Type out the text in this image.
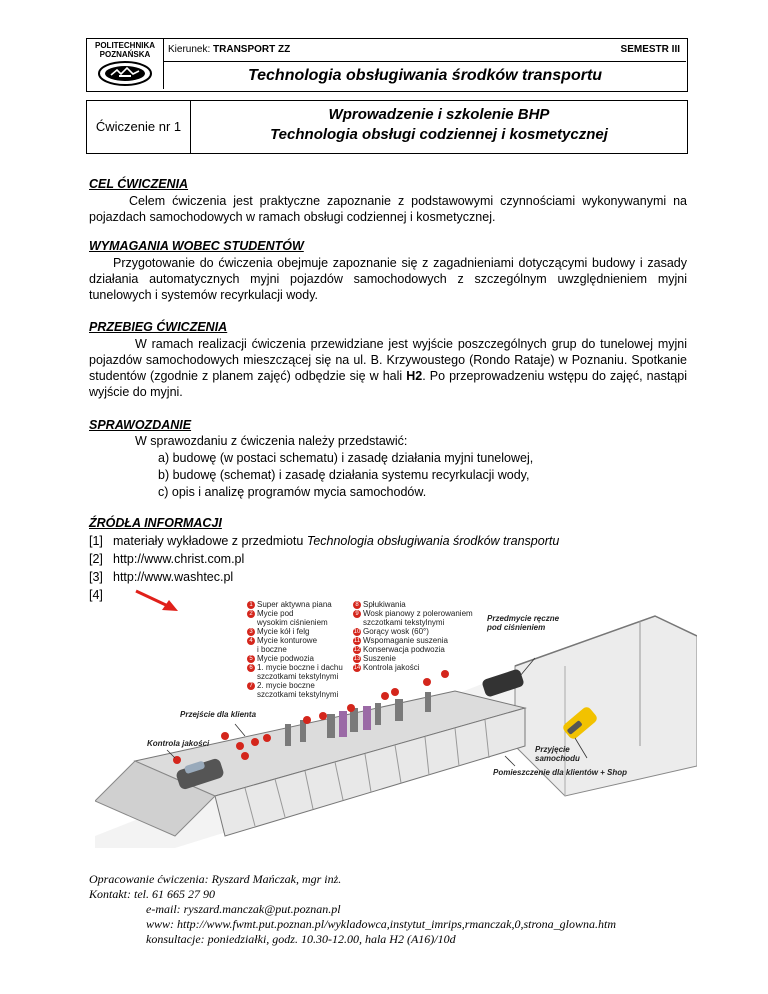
POLITECHNIKA
POZNAŃSKA	Kierunek: TRANSPORT ZZ	SEMESTR III
Technologia obsługiwania środków transportu
Ćwiczenie nr 1
Wprowadzenie i szkolenie BHP
Technologia obsługi codziennej i kosmetycznej
CEL ĆWICZENIA
Celem ćwiczenia jest praktyczne zapoznanie z podstawowymi czynnościami wykonywanymi na pojazdach samochodowych w ramach obsługi codziennej i kosmetycznej.
WYMAGANIA WOBEC STUDENTÓW
Przygotowanie do ćwiczenia obejmuje zapoznanie się z zagadnieniami dotyczącymi budowy i zasady działania automatycznych myjni pojazdów samochodowych z szczególnym uwzględnieniem myjni tunelowych i systemów recyrkulacji wody.
PRZEBIEG ĆWICZENIA
W ramach realizacji ćwiczenia przewidziane jest wyjście poszczególnych grup do tunelowej myjni pojazdów samochodowych mieszczącej się na ul. B. Krzywoustego (Rondo Rataje) w Poznaniu. Spotkanie studentów (zgodnie z planem zajęć) odbędzie się w hali H2. Po przeprowadzeniu wstępu do zajęć, nastąpi wyjście do myjni.
SPRAWOZDANIE
W sprawozdaniu z ćwiczenia należy przedstawić:
a) budowę (w postaci schematu) i zasadę działania myjni tunelowej,
b) budowę (schemat) i zasadę działania systemu recyrkulacji wody,
c) opis i analizę programów mycia samochodów.
ŹRÓDŁA INFORMACJI
[1] materiały wykładowe z przedmiotu Technologia obsługiwania środków transportu
[2] http://www.christ.com.pl
[3] http://www.washtec.pl
[4]
1 Super aktywna piana
2 Mycie pod
wysokim ciśnieniem
3 Mycie kół i felg
4 Mycie konturowe
i boczne
5 Mycie podwozia
6 1. mycie boczne i dachu
szczotkami tekstylnymi
7 2. mycie boczne
szczotkami tekstylnymi
8 Spłukiwania
9 Wosk pianowy z polerowaniem
szczotkami tekstylnymi
10 Gorący wosk (60°)
11 Wspomaganie suszenia
12 Konserwacja podwozia
13 Suszenie
14 Kontrola jakości
Przedmycie ręczne
pod ciśnieniem
Przejście dla klienta
Kontrola jakości
Przyjęcie
samochodu
Pomieszczenie dla klientów + Shop
Opracowanie ćwiczenia: Ryszard Mańczak, mgr inż.
Kontakt: tel. 61 665 27 90
e-mail: ryszard.manczak@put.poznan.pl
www: http://www.fwmt.put.poznan.pl/wykladowca,instytut_imrips,rmanczak,0,strona_glowna.htm
konsultacje: poniedziałki, godz. 10.30-12.00, hala H2 (A16)/10d
